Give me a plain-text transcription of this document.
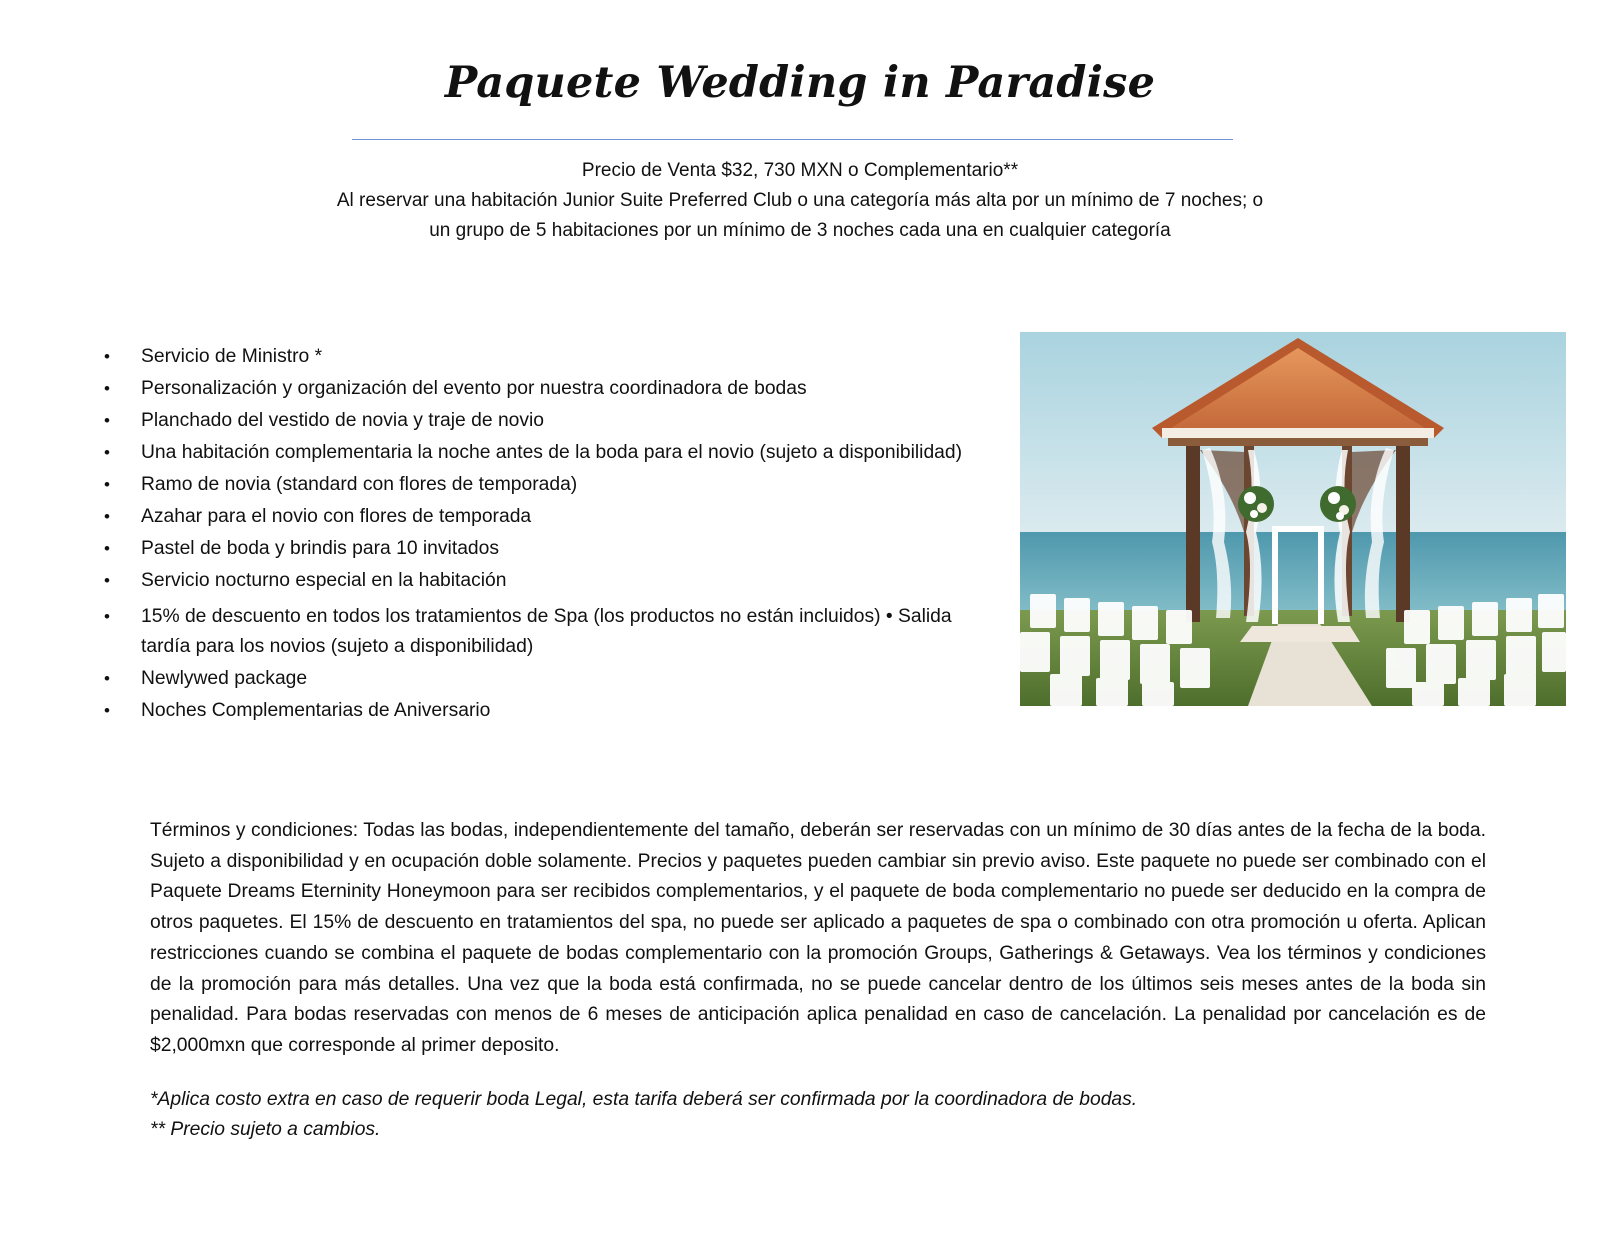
Paquete Wedding in Paradise

Precio de Venta $32, 730 MXN o Complementario**

Al reservar una habitación Junior Suite Preferred Club o una categoría más alta por un mínimo de 7 noches; o

un grupo de 5 habitaciones por un mínimo de 3 noches cada una en cualquier categoría

• Servicio de Ministro *
• Personalización y organización del evento por nuestra coordinadora de bodas
• Planchado del vestido de novia y traje de novio
• Una habitación complementaria la noche antes de la boda para el novio (sujeto a disponibilidad)
• Ramo de novia (standard con flores de temporada)
• Azahar para el novio con flores de temporada
• Pastel de boda y brindis para 10 invitados
• Servicio nocturno especial en la habitación
• 15% de descuento en todos los tratamientos de Spa (los productos no están incluidos) • Salida tardía para los novios (sujeto a disponibilidad)
• Newlywed package
• Noches Complementarias de Aniversario

Términos y condiciones: Todas las bodas, independientemente del tamaño, deberán ser reservadas con un mínimo de 30 días antes de la fecha de la boda. Sujeto a disponibilidad y en ocupación doble solamente. Precios y paquetes pueden cambiar sin previo aviso. Este paquete no puede ser combinado con el Paquete Dreams Eterninity Honeymoon para ser recibidos complementarios, y el paquete de boda complementario no puede ser deducido en la compra de otros paquetes. El 15% de descuento en tratamientos del spa, no puede ser aplicado a paquetes de spa o combinado con otra promoción u oferta. Aplican restricciones cuando se combina el paquete de bodas complementario con la promoción Groups, Gatherings & Getaways. Vea los términos y condiciones de la promoción para más detalles. Una vez que la boda está confirmada, no se puede cancelar dentro de los últimos seis meses antes de la boda sin penalidad. Para bodas reservadas con menos de 6 meses de anticipación aplica penalidad en caso de cancelación. La penalidad por cancelación es de $2,000mxn que corresponde al primer deposito.

*Aplica costo extra en caso de requerir boda Legal, esta tarifa deberá ser confirmada por la coordinadora de bodas.

** Precio sujeto a cambios.
